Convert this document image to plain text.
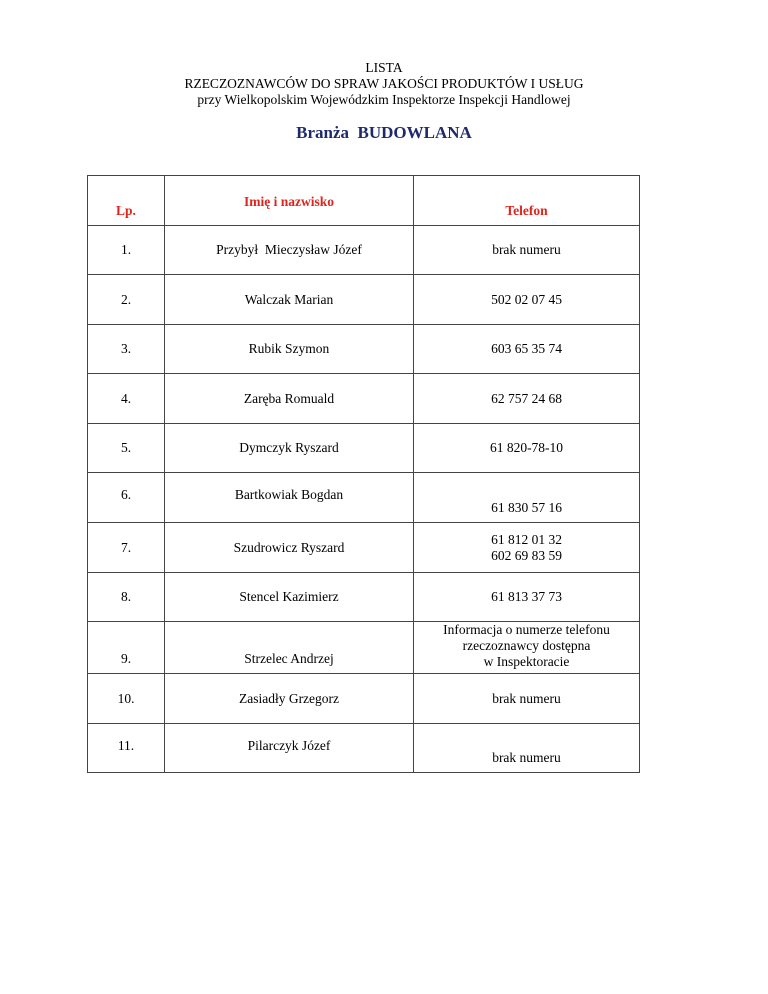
LISTA
RZECZOZNAWCÓW DO SPRAW JAKOŚCI PRODUKTÓW I USŁUG
przy Wielkopolskim Wojewódzkim Inspektorze Inspekcji Handlowej
Branża  BUDOWLANA
Lp.	Imię i nazwisko	Telefon
1.	Przybył  Mieczysław Józef	brak numeru

2.	Walczak Marian	502 02 07 45

3.	Rubik Szymon	603 65 35 74

4.	Zaręba Romuald	62 757 24 68

5.	Dymczyk Ryszard	61 820-78-10

6.	Bartkowiak Bogdan	61 830 57 16

7.	Szudrowicz Ryszard	61 812 01 32
602 69 83 59

8.	Stencel Kazimierz	61 813 37 73

9.	Strzelec Andrzej	Informacja o numerze telefonu
rzeczoznawcy dostępna
w Inspektoracie

10.	Zasiadły Grzegorz	brak numeru

11.	Pilarczyk Józef	brak numeru
